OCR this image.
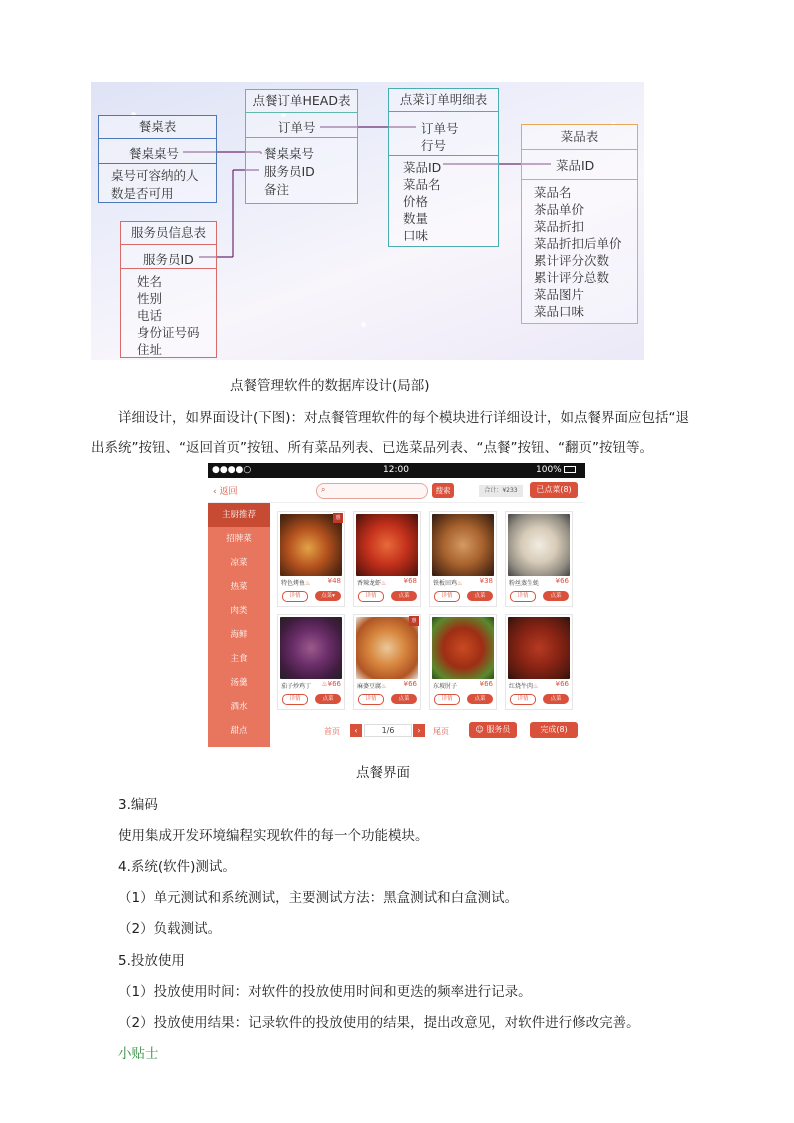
餐桌表
餐桌桌号
桌号可容纳的人
数是否可用
点餐订单HEAD表
订单号
餐桌桌号
服务员ID
备注
点菜订单明细表
订单号
行号
菜品ID
菜品名
价格
数量
口味
菜品表
菜品ID
菜品名
茶品单价
菜品折扣
菜品折扣后单价
累计评分次数
累计评分总数
菜品图片
菜品口味
服务员信息表
服务员ID
姓名
性别
电话
身份证号码
住址
点餐管理软件的数据库设计(局部)
详细设计，如界面设计(下图)：对点餐管理软件的每个模块进行详细设计，如点餐界面应包括“退
出系统”按钮、“返回首页”按钮、所有菜品列表、已选菜品列表、“点餐”按钮、“翻页”按钮等。
●●●●○	12:00	100%
‹ 返回	⌕	搜索	合计：¥233	已点菜(8)
主厨推荐
招牌菜
凉菜
热菜
肉类
海鲜
主食
汤羹
酒水
甜点
惠
特色烤鱼♨ ¥48
详情	点菜▾
香辣龙虾♨ ¥68
详情	点菜
铁板田鸡♨ ¥38
详情	点菜
粉丝蒸生蚝 ¥66
详情	点菜
茄子炒鸡丁 ♨¥66
详情	点菜
惠
麻婆豆腐♨ ¥66
详情	点菜
东坡肘子	¥66
详情	点菜
红烧牛肉♨ ¥66
详情	点菜
首页	‹	1/6	›	尾页	☺ 服务员	完成(8)
点餐界面
3.编码
使用集成开发环境编程实现软件的每一个功能模块。
4.系统(软件)测试。
（1）单元测试和系统测试，主要测试方法：黑盒测试和白盒测试。
（2）负载测试。
5.投放使用
（1）投放使用时间：对软件的投放使用时间和更迭的频率进行记录。
（2）投放使用结果：记录软件的投放使用的结果，提出改意见，对软件进行修改完善。
小贴士
